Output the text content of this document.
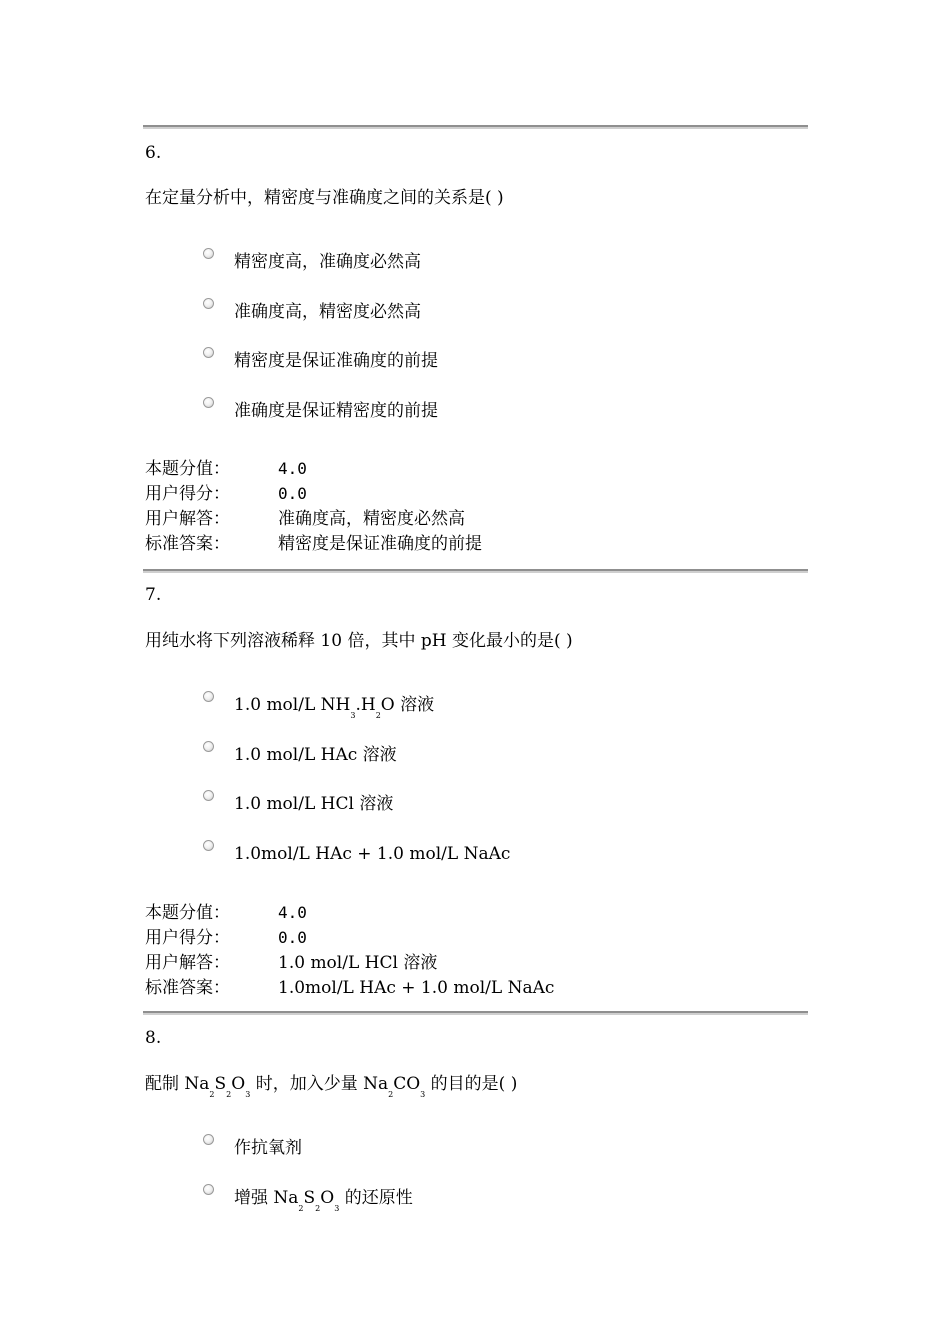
6.
在定量分析中，精密度与准确度之间的关系是( )
精密度高，准确度必然高
准确度高，精密度必然高
精密度是保证准确度的前提
准确度是保证精密度的前提
本题分值：	4.0
用户得分：	0.0
用户解答：	准确度高，精密度必然高
标准答案：	精密度是保证准确度的前提
7.
用纯水将下列溶液稀释 10 倍，其中 pH 变化最小的是( )
1.0 mol/L $NH_3.H_2O$ 溶液
1.0 mol/L HAc 溶液
1.0 mol/L HCl 溶液
1.0mol/L HAc + 1.0 mol/L NaAc
本题分值：	4.0
用户得分：	0.0
用户解答：	1.0 mol/L HCl 溶液
标准答案：	1.0mol/L HAc + 1.0 mol/L NaAc
8.
配制 $Na_2S_2O_3$ 时，加入少量 $Na_2CO_3$ 的目的是( )
作抗氧剂
增强 $Na_2S_2O_3$ 的还原性
